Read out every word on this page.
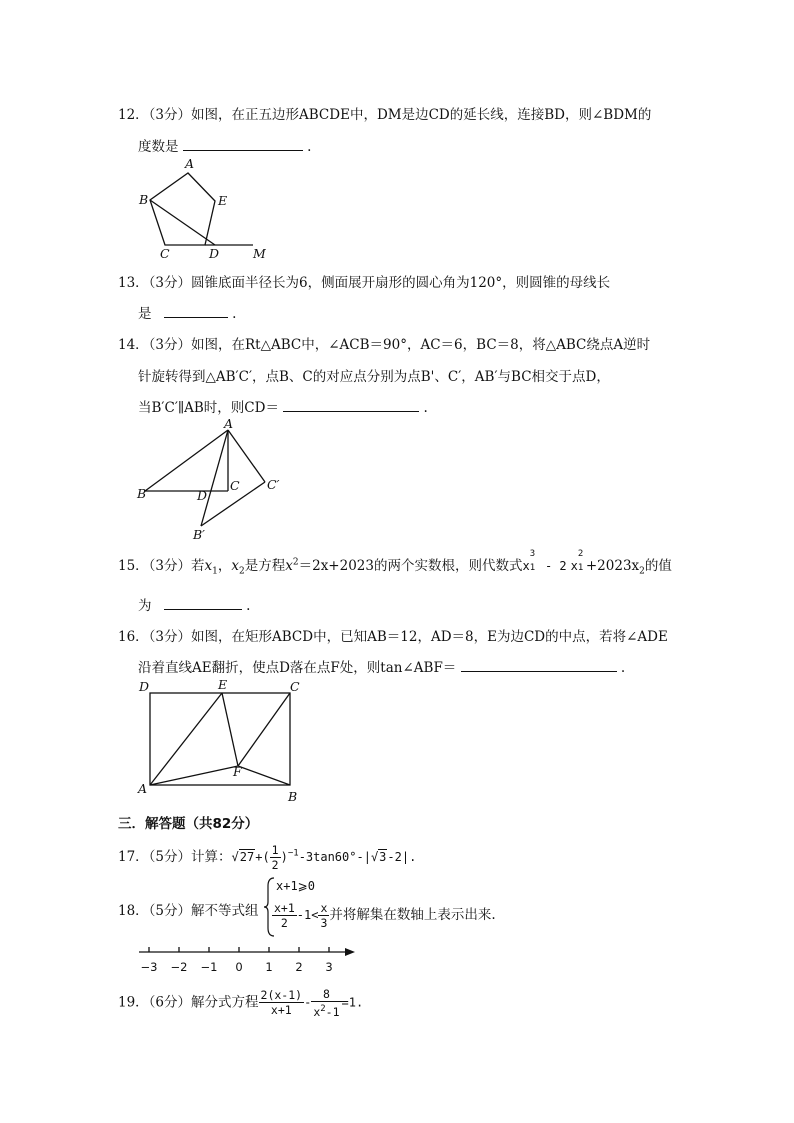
12．（3分）如图，在正五边形ABCDE中，DM是边CD的延长线，连接BD，则∠BDM的
度数是	.
A
B	E
C	D	M
13．（3分）圆锥底面半径长为6，侧面展开扇形的圆心角为120°，则圆锥的母线长
是	.
14．（3分）如图，在Rt△ABC中，∠ACB＝90°，AC＝6，BC＝8，将△ABC绕点A逆时
针旋转得到△AB′C′，点B、C的对应点分别为点B'、C′，AB′与BC相交于点D，
当B′C′∥AB时，则CD＝	.
A
B
C
D
C′
B′
15．（3分）若$x_1$，$x_2$是方程$x^2=2x+2023$的两个实数根，则代数式x
3
1 - 2 x
2
$1 +2023x_2$的值
为	.
16．（3分）如图，在矩形ABCD中，已知AB＝12，AD＝8，E为边CD的中点，若将∠ADE
沿着直线AE翻折，使点D落在点F处，则tan∠ABF＝	.
D	E	C
A
B
F
三．解答题（共82分）
17．（5分）计算：$√27+( \frac{1}{2} )^{-1}-3\tan 60^\circ-|√3-2|$.
18．（5分）解不等式组
x+1⩾0
$\frac{x+1}{2} -1< \frac{x}{3}$ 并将解集在数轴上表示出来.
−3 −2 −1 0 1 2 3
19．（6分）解分式方程 $\frac{2(x-1)}{x+1} - \frac{8}{x^2-1} =1$.
